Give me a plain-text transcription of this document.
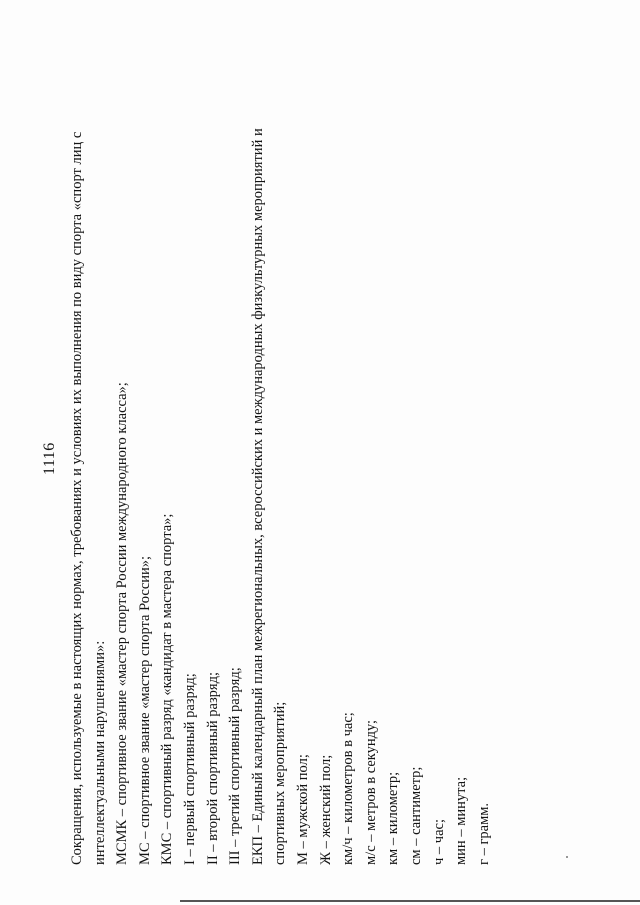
1116 Сокращения, используемые в настоящих нормах, требованиях и условиях их выполнения по виду спорта «спорт лиц с интеллектуальными нарушениями»: МСМК – спортивное звание «мастер спорта России международного класса»; МС – спортивное звание «мастер спорта России»; КМС – спортивный разряд «кандидат в мастера спорта»; I – первый спортивный разряд; II – второй спортивный разряд; III – третий спортивный разряд; ЕКП – Единый календарный план межрегиональных, всероссийских и международных физкультурных мероприятий и спортивных мероприятий; М – мужской пол; Ж – женский пол; км/ч – километров в час; м/с – метров в секунду; км – километр; см – сантиметр; ч – час; мин – минута; г – грамм.
